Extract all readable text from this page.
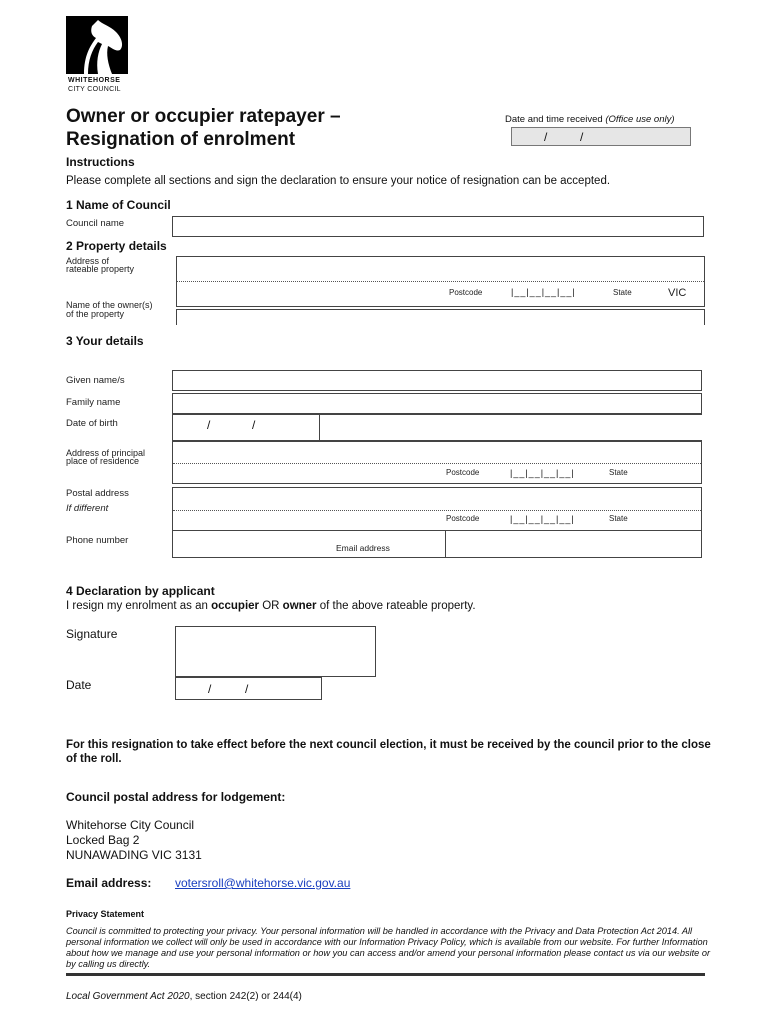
WHITEHORSE
CITY COUNCIL
Owner or occupier ratepayer –
Resignation of enrolment
Date and time received (Office use only)
/	/
Instructions
Please complete all sections and sign the declaration to ensure your notice of resignation can be accepted.
1 Name of Council
Council name
2 Property details
Address of
rateable property
Postcode	|__|__|__|__|	State	VIC
Name of the owner(s)
of the property
3 Your details
Given name/s
Family name
Date of birth	/	/
Address of principal
place of residence
Postcode	|__|__|__|__|	State
Postal address
If different
Postcode	|__|__|__|__|	State
Phone number
Email address
4 Declaration by applicant
I resign my enrolment as an occupier OR owner of the above rateable property.
Signature
Date	/	/
For this resignation to take effect before the next council election, it must be received by the council prior to the close of the roll.
Council postal address for lodgement:
Whitehorse City Council
Locked Bag 2
NUNAWADING VIC 3131
Email address: votersroll@whitehorse.vic.gov.au
Privacy Statement
Council is committed to protecting your privacy. Your personal information will be handled in accordance with the Privacy and Data Protection Act 2014. All personal information we collect will only be used in accordance with our Information Privacy Policy, which is available from our website. For further Information about how we manage and use your personal information or how you can access and/or amend your personal information please contact us via our website or by calling us directly.
Local Government Act 2020, section 242(2) or 244(4)
